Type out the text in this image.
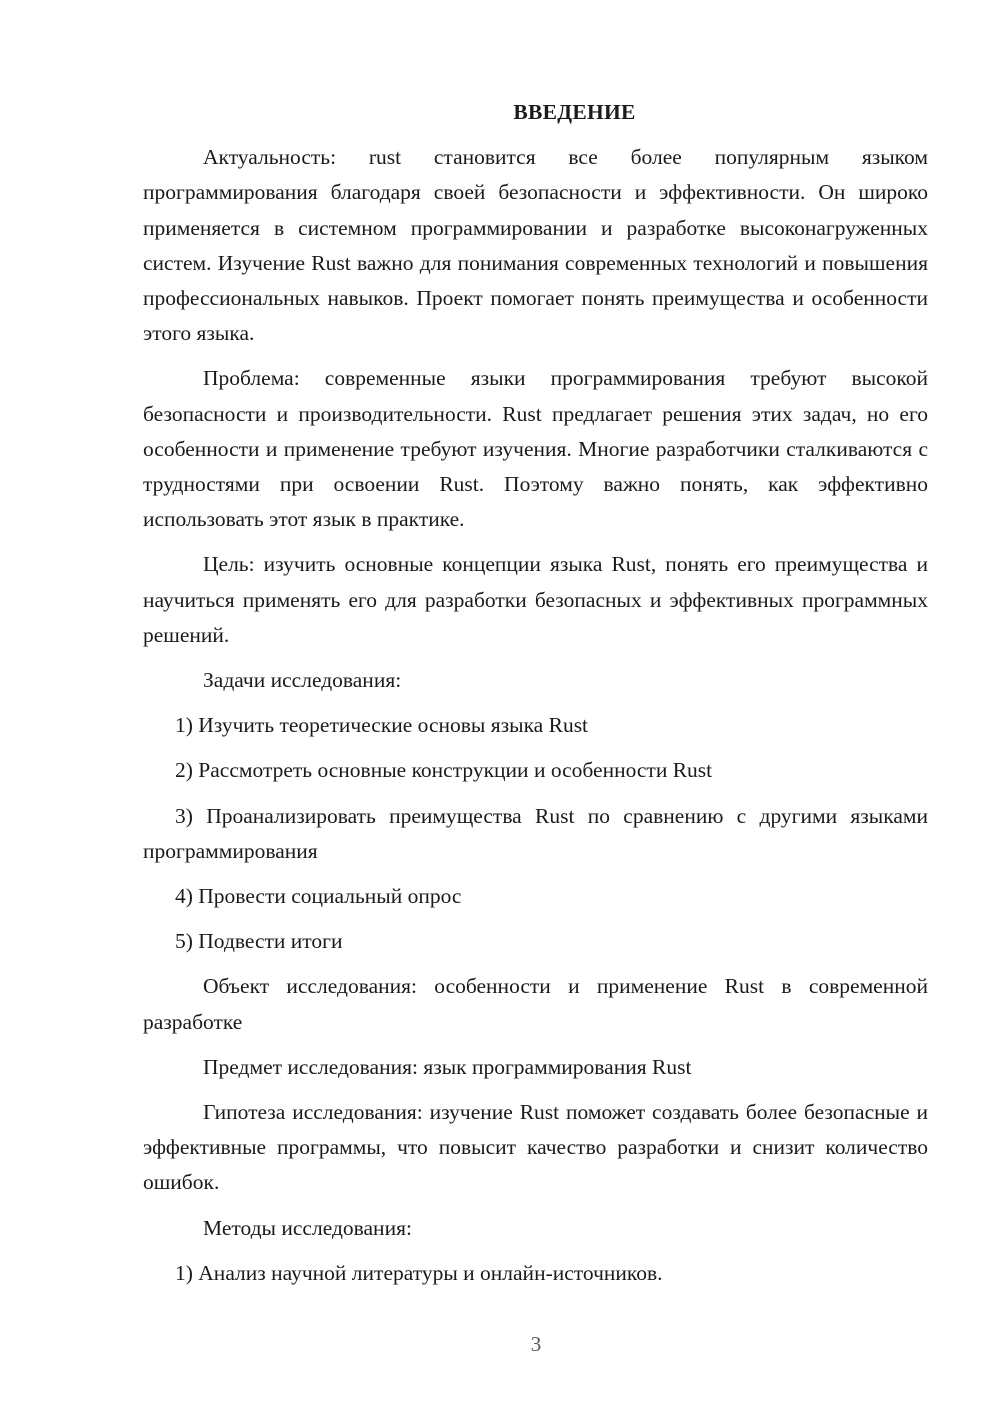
ВВЕДЕНИЕ

Актуальность: rust становится все более популярным языком программирования благодаря своей безопасности и эффективности. Он широко применяется в системном программировании и разработке высоконагруженных систем. Изучение Rust важно для понимания современных технологий и повышения профессиональных навыков. Проект помогает понять преимущества и особенности этого языка.

Проблема: современные языки программирования требуют высокой безопасности и производительности. Rust предлагает решения этих задач, но его особенности и применение требуют изучения. Многие разработчики сталкиваются с трудностями при освоении Rust. Поэтому важно понять, как эффективно использовать этот язык в практике.

Цель: изучить основные концепции языка Rust, понять его преимущества и научиться применять его для разработки безопасных и эффективных программных решений.

Задачи исследования:

1) Изучить теоретические основы языка Rust

2) Рассмотреть основные конструкции и особенности Rust

3) Проанализировать преимущества Rust по сравнению с другими языками программирования

4) Провести социальный опрос

5) Подвести итоги

Объект исследования: особенности и применение Rust в современной разработке

Предмет исследования: язык программирования Rust

Гипотеза исследования: изучение Rust поможет создавать более безопасные и эффективные программы, что повысит качество разработки и снизит количество ошибок.

Методы исследования:

1) Анализ научной литературы и онлайн-источников.

3
